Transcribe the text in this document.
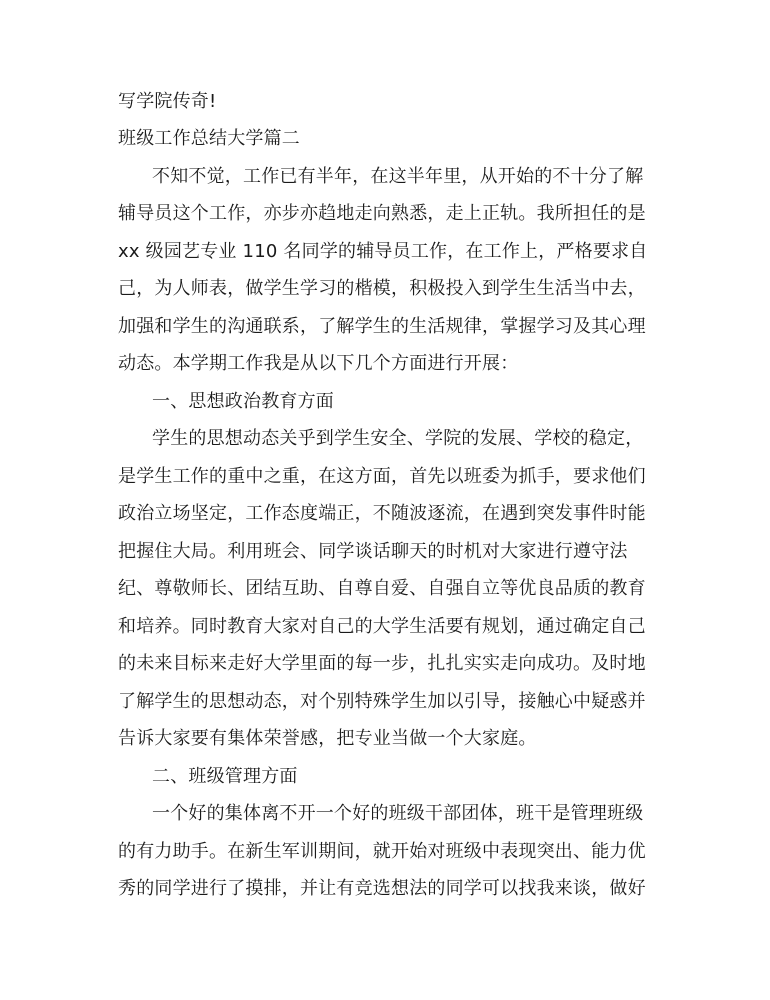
写学院传奇!
班级工作总结大学篇二
不知不觉，工作已有半年，在这半年里，从开始的不十分了解
辅导员这个工作，亦步亦趋地走向熟悉，走上正轨。我所担任的是
xx 级园艺专业 110 名同学的辅导员工作，在工作上，严格要求自
己，为人师表，做学生学习的楷模，积极投入到学生生活当中去，
加强和学生的沟通联系，了解学生的生活规律，掌握学习及其心理
动态。本学期工作我是从以下几个方面进行开展：
一、思想政治教育方面
学生的思想动态关乎到学生安全、学院的发展、学校的稳定，
是学生工作的重中之重，在这方面，首先以班委为抓手，要求他们
政治立场坚定，工作态度端正，不随波逐流，在遇到突发事件时能
把握住大局。利用班会、同学谈话聊天的时机对大家进行遵守法
纪、尊敬师长、团结互助、自尊自爱、自强自立等优良品质的教育
和培养。同时教育大家对自己的大学生活要有规划，通过确定自己
的未来目标来走好大学里面的每一步，扎扎实实走向成功。及时地
了解学生的思想动态，对个别特殊学生加以引导，接触心中疑惑并
告诉大家要有集体荣誉感，把专业当做一个大家庭。
二、班级管理方面
一个好的集体离不开一个好的班级干部团体，班干是管理班级
的有力助手。在新生军训期间，就开始对班级中表现突出、能力优
秀的同学进行了摸排，并让有竞选想法的同学可以找我来谈，做好
